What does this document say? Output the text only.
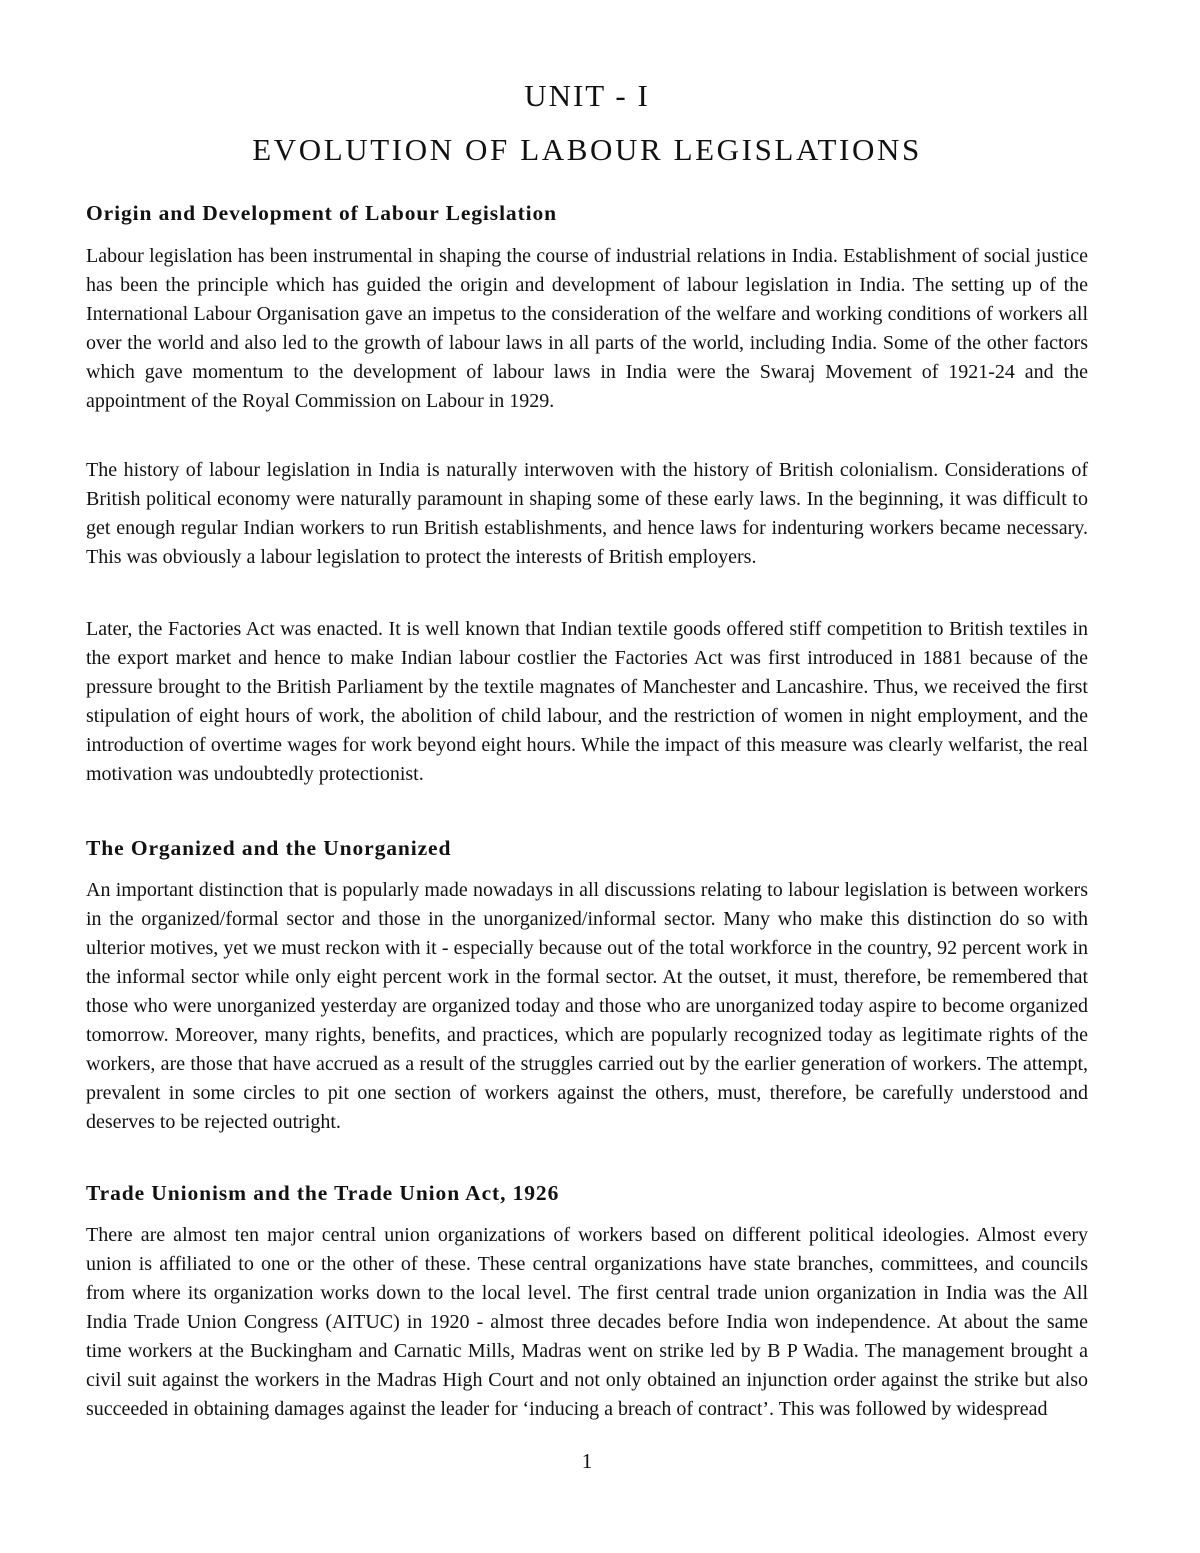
UNIT - I
EVOLUTION OF LABOUR LEGISLATIONS
Origin and Development of Labour Legislation

Labour legislation has been instrumental in shaping the course of industrial relations in India. Establishment of social justice has been the principle which has guided the origin and development of labour legislation in India. The setting up of the International Labour Organisation gave an impetus to the consideration of the welfare and working conditions of workers all over the world and also led to the growth of labour laws in all parts of the world, including India. Some of the other factors which gave momentum to the development of labour laws in India were the Swaraj Movement of 1921-24 and the appointment of the Royal Commission on Labour in 1929.

The history of labour legislation in India is naturally interwoven with the history of British colonialism. Considerations of British political economy were naturally paramount in shaping some of these early laws. In the beginning, it was difficult to get enough regular Indian workers to run British establishments, and hence laws for indenturing workers became necessary. This was obviously a labour legislation to protect the interests of British employers.

Later, the Factories Act was enacted. It is well known that Indian textile goods offered stiff competition to British textiles in the export market and hence to make Indian labour costlier the Factories Act was first introduced in 1881 because of the pressure brought to the British Parliament by the textile magnates of Manchester and Lancashire. Thus, we received the first stipulation of eight hours of work, the abolition of child labour, and the restriction of women in night employment, and the introduction of overtime wages for work beyond eight hours. While the impact of this measure was clearly welfarist, the real motivation was undoubtedly protectionist.

The Organized and the Unorganized

An important distinction that is popularly made nowadays in all discussions relating to labour legislation is between workers in the organized/formal sector and those in the unorganized/informal sector. Many who make this distinction do so with ulterior motives, yet we must reckon with it - especially because out of the total workforce in the country, 92 percent work in the informal sector while only eight percent work in the formal sector. At the outset, it must, therefore, be remembered that those who were unorganized yesterday are organized today and those who are unorganized today aspire to become organized tomorrow. Moreover, many rights, benefits, and practices, which are popularly recognized today as legitimate rights of the workers, are those that have accrued as a result of the struggles carried out by the earlier generation of workers. The attempt, prevalent in some circles to pit one section of workers against the others, must, therefore, be carefully understood and deserves to be rejected outright.

Trade Unionism and the Trade Union Act, 1926

There are almost ten major central union organizations of workers based on different political ideologies. Almost every union is affiliated to one or the other of these. These central organizations have state branches, committees, and councils from where its organization works down to the local level. The first central trade union organization in India was the All India Trade Union Congress (AITUC) in 1920 - almost three decades before India won independence. At about the same time workers at the Buckingham and Carnatic Mills, Madras went on strike led by B P Wadia. The management brought a civil suit against the workers in the Madras High Court and not only obtained an injunction order against the strike but also succeeded in obtaining damages against the leader for ‘inducing a breach of contract’. This was followed by widespread

1
